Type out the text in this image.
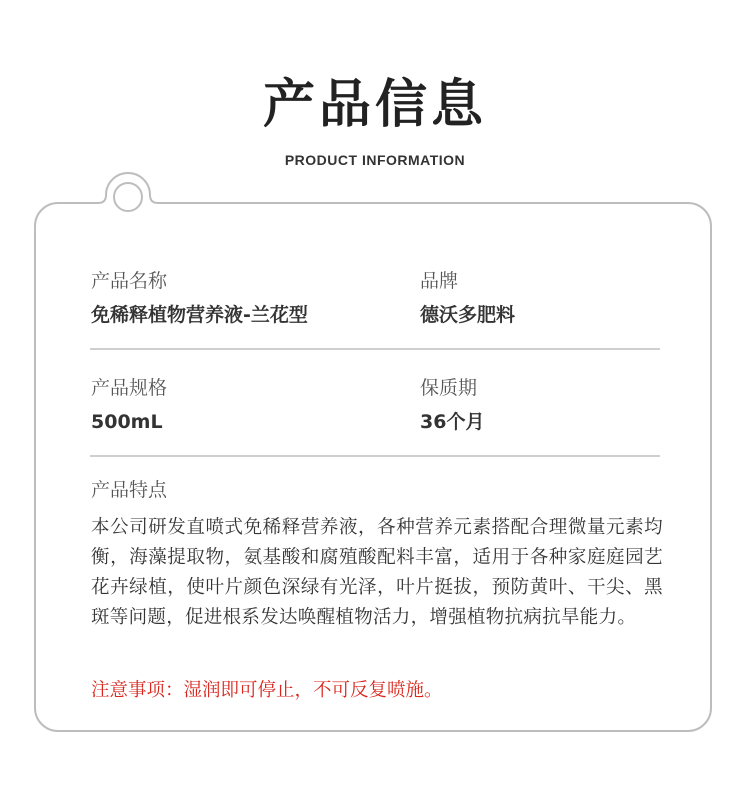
产品信息
PRODUCT INFORMATION
产品名称
免稀释植物营养液-兰花型
品牌
德沃多肥料
产品规格
500mL
保质期
36个月
产品特点
本公司研发直喷式免稀释营养液，各种营养元素搭配合理微量元素均衡，海藻提取物，氨基酸和腐殖酸配料丰富，适用于各种家庭庭园艺花卉绿植，使叶片颜色深绿有光泽，叶片挺拔，预防黄叶、干尖、黑斑等问题，促进根系发达唤醒植物活力，增强植物抗病抗旱能力。
注意事项：湿润即可停止，不可反复喷施。
